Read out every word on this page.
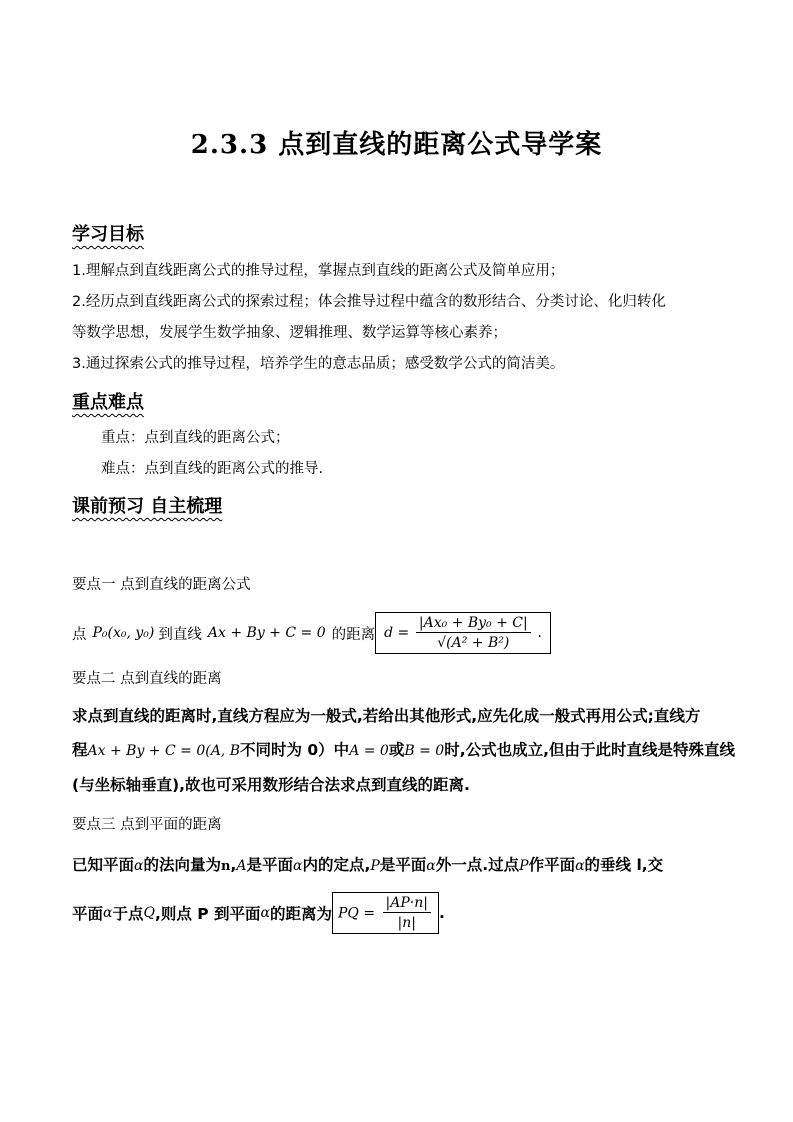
2.3.3 点到直线的距离公式导学案
学习目标
1.理解点到直线距离公式的推导过程，掌握点到直线的距离公式及简单应用；
2.经历点到直线距离公式的探索过程；体会推导过程中蕴含的数形结合、分类讨论、化归转化
等数学思想，发展学生数学抽象、逻辑推理、数学运算等核心素养；
3.通过探索公式的推导过程，培养学生的意志品质；感受数学公式的简洁美。
重点难点
重点：点到直线的距离公式；
难点：点到直线的距离公式的推导.
课前预习 自主梳理
要点一 点到直线的距离公式
点 P₀(x₀, y₀) 到直线 Ax + By + C = 0 的距离 $d = \frac{\text{|Ax₀ + By₀ + C|}}{\text{√(A² + B²)}}$ .
要点二 点到直线的距离
求点到直线的距离时,直线方程应为一般式,若给出其他形式,应先化成一般式再用公式;直线方
程Ax + By + C = 0(A, B不同时为 0）中A = 0或B = 0时,公式也成立,但由于此时直线是特殊直线
(与坐标轴垂直),故也可采用数形结合法求点到直线的距离.
要点三 点到平面的距离
已知平面α的法向量为n,A是平面α内的定点,P是平面α外一点.过点P作平面α的垂线 l,交
平面 α 于点 Q ,则点 P 到平面 α 的距离为 PQ = $\frac{|AP\cdot n|}{|n|}$ .
